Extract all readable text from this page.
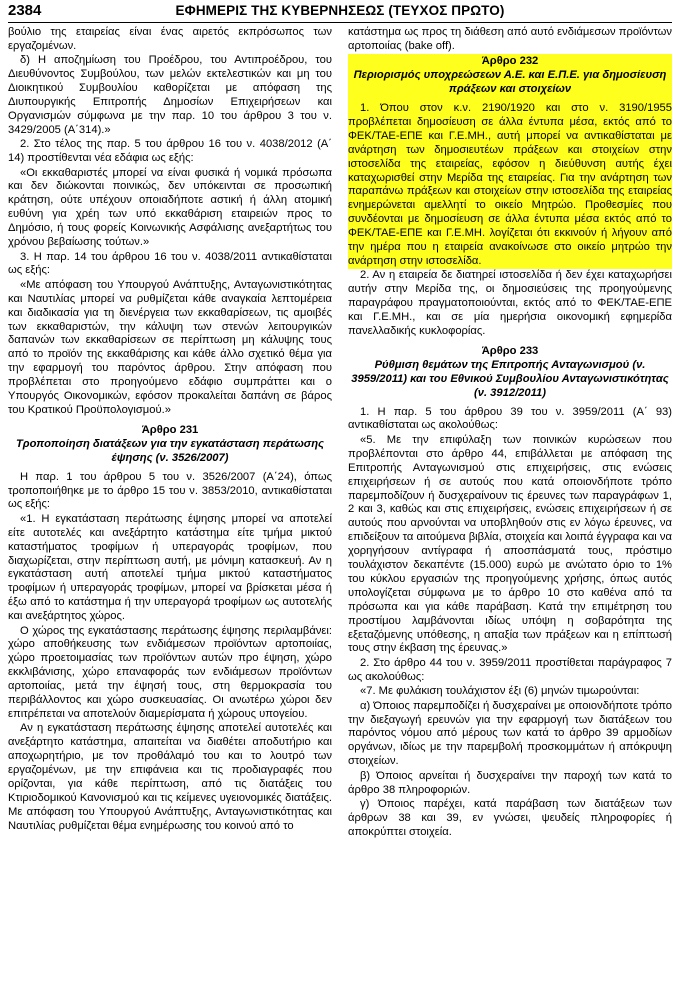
2384	ΕΦΗΜΕΡΙΣ ΤΗΣ ΚΥΒΕΡΝΗΣΕΩΣ (ΤΕΥΧΟΣ ΠΡΩΤΟ)

βούλιο της εταιρείας είναι ένας αιρετός εκπρόσωπος των εργαζομένων.

δ) Η αποζημίωση του Προέδρου, του Αντιπροέδρου, του Διευθύνοντος Συμβούλου, των μελών εκτελεστικών και μη του Διοικητικού Συμβουλίου καθορίζεται με απόφαση της Διυπουργικής Επιτροπής Δημοσίων Επιχειρήσεων και Οργανισμών σύμφωνα με την παρ. 10 του άρθρου 3 του ν. 3429/2005 (Α΄314).»

2. Στο τέλος της παρ. 5 του άρθρου 16 του ν. 4038/2012 (Α΄ 14) προστίθενται νέα εδάφια ως εξής:

«Οι εκκαθαριστές μπορεί να είναι φυσικά ή νομικά πρόσωπα και δεν διώκονται ποινικώς, δεν υπόκεινται σε προσωπική κράτηση, ούτε υπέχουν οποιαδήποτε αστική ή άλλη ατομική ευθύνη για χρέη των υπό εκκαθάριση εταιρειών προς το Δημόσιο, ή τους φορείς Κοινωνικής Ασφάλισης ανεξαρτήτως του χρόνου βεβαίωσης τούτων.»

3. Η παρ. 14 του άρθρου 16 του ν. 4038/2011 αντικαθίσταται ως εξής:

«Με απόφαση του Υπουργού Ανάπτυξης, Ανταγωνιστικότητας και Ναυτιλίας μπορεί να ρυθμίζεται κάθε αναγκαία λεπτομέρεια και διαδικασία για τη διενέργεια των εκκαθαρίσεων, τις αμοιβές των εκκαθαριστών, την κάλυψη των στενών λειτουργικών δαπανών των εκκαθαρίσεων σε περίπτωση μη κάλυψης τους από το προϊόν της εκκαθάρισης και κάθε άλλο σχετικό θέμα για την εφαρμογή του παρόντος άρθρου. Στην απόφαση που προβλέπεται στο προηγούμενο εδάφιο συμπράττει και ο Υπουργός Οικονομικών, εφόσον προκαλείται δαπάνη σε βάρος του Κρατικού Προϋπολογισμού.»

Άρθρο 231
Τροποποίηση διατάξεων για την εγκατάσταση περάτωσης έψησης (ν. 3526/2007)

Η παρ. 1 του άρθρου 5 του ν. 3526/2007 (Α΄24), όπως τροποποιήθηκε με το άρθρο 15 του ν. 3853/2010, αντικαθίσταται ως εξής:

«1. Η εγκατάσταση περάτωσης έψησης μπορεί να αποτελεί είτε αυτοτελές και ανεξάρτητο κατάστημα είτε τμήμα μικτού καταστήματος τροφίμων ή υπεραγοράς τροφίμων, που διαχωρίζεται, στην περίπτωση αυτή, με μόνιμη κατασκευή. Αν η εγκατάσταση αυτή αποτελεί τμήμα μικτού καταστήματος τροφίμων ή υπεραγοράς τροφίμων, μπορεί να βρίσκεται μέσα ή έξω από το κατάστημα ή την υπεραγορά τροφίμων ως αυτοτελής και ανεξάρτητος χώρος.

Ο χώρος της εγκατάστασης περάτωσης έψησης περιλαμβάνει: χώρο αποθήκευσης των ενδιάμεσων προϊόντων αρτοποιίας, χώρο προετοιμασίας των προϊόντων αυτών προ έψηση, χώρο εκκλιβάνισης, χώρο επαναφοράς των ενδιάμεσων προϊόντων αρτοποιίας, μετά την έψησή τους, στη θερμοκρασία του περιβάλλοντος και χώρο συσκευασίας. Οι ανωτέρω χώροι δεν επιτρέπεται να αποτελούν διαμερίσματα ή χώρους υπογείου.

Αν η εγκατάσταση περάτωσης έψησης αποτελεί αυτοτελές και ανεξάρτητο κατάστημα, απαιτείται να διαθέτει αποδυτήριο και αποχωρητήριο, με τον προθάλαμό του και το λουτρό των εργαζομένων, με την επιφάνεια και τις προδιαγραφές που ορίζονται, για κάθε περίπτωση, από τις διατάξεις του Κτιριοδομικού Κανονισμού και τις κείμενες υγειονομικές διατάξεις. Με απόφαση του Υπουργού Ανάπτυξης, Ανταγωνιστικότητας και Ναυτιλίας ρυθμίζεται θέμα ενημέρωσης του κοινού από το

κατάστημα ως προς τη διάθεση από αυτό ενδιάμεσων προϊόντων αρτοποιίας (bake off).

Άρθρο 232
Περιορισμός υποχρεώσεων Α.Ε. και Ε.Π.Ε. για δημοσίευση πράξεων και στοιχείων

1. Όπου στον κ.ν. 2190/1920 και στο ν. 3190/1955 προβλέπεται δημοσίευση σε άλλα έντυπα μέσα, εκτός από το ΦΕΚ/ΤΑΕ-ΕΠΕ και Γ.Ε.ΜΗ., αυτή μπορεί να αντικαθίσταται με ανάρτηση των δημοσιευτέων πράξεων και στοιχείων στην ιστοσελίδα της εταιρείας, εφόσον η διεύθυνση αυτής έχει καταχωρισθεί στην Μερίδα της εταιρείας. Για την ανάρτηση των παραπάνω πράξεων και στοιχείων στην ιστοσελίδα της εταιρείας ενημερώνεται αμελλητί το οικείο Μητρώο. Προθεσμίες που συνδέονται με δημοσίευση σε άλλα έντυπα μέσα εκτός από το ΦΕΚ/ΤΑΕ-ΕΠΕ και Γ.Ε.ΜΗ. λογίζεται ότι εκκινούν ή λήγουν από την ημέρα που η εταιρεία ανακοίνωσε στο οικείο μητρώο την ανάρτηση στην ιστοσελίδα.

2. Αν η εταιρεία δε διατηρεί ιστοσελίδα ή δεν έχει καταχωρήσει αυτήν στην Μερίδα της, οι δημοσιεύσεις της προηγούμενης παραγράφου πραγματοποιούνται, εκτός από το ΦΕΚ/ΤΑΕ-ΕΠΕ και Γ.Ε.ΜΗ., και σε μία ημερήσια οικονομική εφημερίδα πανελλαδικής κυκλοφορίας.

Άρθρο 233
Ρύθμιση θεμάτων της Επιτροπής Ανταγωνισμού (ν. 3959/2011) και του Εθνικού Συμβουλίου Ανταγωνιστικότητας (ν. 3912/2011)

1. Η παρ. 5 του άρθρου 39 του ν. 3959/2011 (Α΄ 93) αντικαθίσταται ως ακολούθως:

«5. Με την επιφύλαξη των ποινικών κυρώσεων που προβλέπονται στο άρθρο 44, επιβάλλεται με απόφαση της Επιτροπής Ανταγωνισμού στις επιχειρήσεις, στις ενώσεις επιχειρήσεων ή σε αυτούς που κατά οποιονδήποτε τρόπο παρεμποδίζουν ή δυσχεραίνουν τις έρευνες των παραγράφων 1, 2 και 3, καθώς και στις επιχειρήσεις, ενώσεις επιχειρήσεων ή σε αυτούς που αρνούνται να υποβληθούν στις εν λόγω έρευνες, να επιδείξουν τα αιτούμενα βιβλία, στοιχεία και λοιπά έγγραφα και να χορηγήσουν αντίγραφα ή αποσπάσματά τους, πρόστιμο τουλάχιστον δεκαπέντε (15.000) ευρώ με ανώτατο όριο το 1% του κύκλου εργασιών της προηγούμενης χρήσης, όπως αυτός υπολογίζεται σύμφωνα με το άρθρο 10 στο καθένα από τα πρόσωπα και για κάθε παράβαση. Κατά την επιμέτρηση του προστίμου λαμβάνονται ιδίως υπόψη η σοβαρότητα της εξεταζόμενης υπόθεσης, η απαξία των πράξεων και η επίπτωσή τους στην έκβαση της έρευνας.»

2. Στο άρθρο 44 του ν. 3959/2011 προστίθεται παράγραφος 7 ως ακολούθως:

«7. Με φυλάκιση τουλάχιστον έξι (6) μηνών τιμωρούνται:

α) Όποιος παρεμποδίζει ή δυσχεραίνει με οποιονδήποτε τρόπο την διεξαγωγή ερευνών για την εφαρμογή των διατάξεων του παρόντος νόμου από μέρους των κατά το άρθρο 39 αρμοδίων οργάνων, ιδίως με την παρεμβολή προσκομμάτων ή απόκρυψη στοιχείων.

β) Όποιος αρνείται ή δυσχεραίνει την παροχή των κατά το άρθρο 38 πληροφοριών.

γ) Όποιος παρέχει, κατά παράβαση των διατάξεων των άρθρων 38 και 39, εν γνώσει, ψευδείς πληροφορίες ή αποκρύπτει στοιχεία.
